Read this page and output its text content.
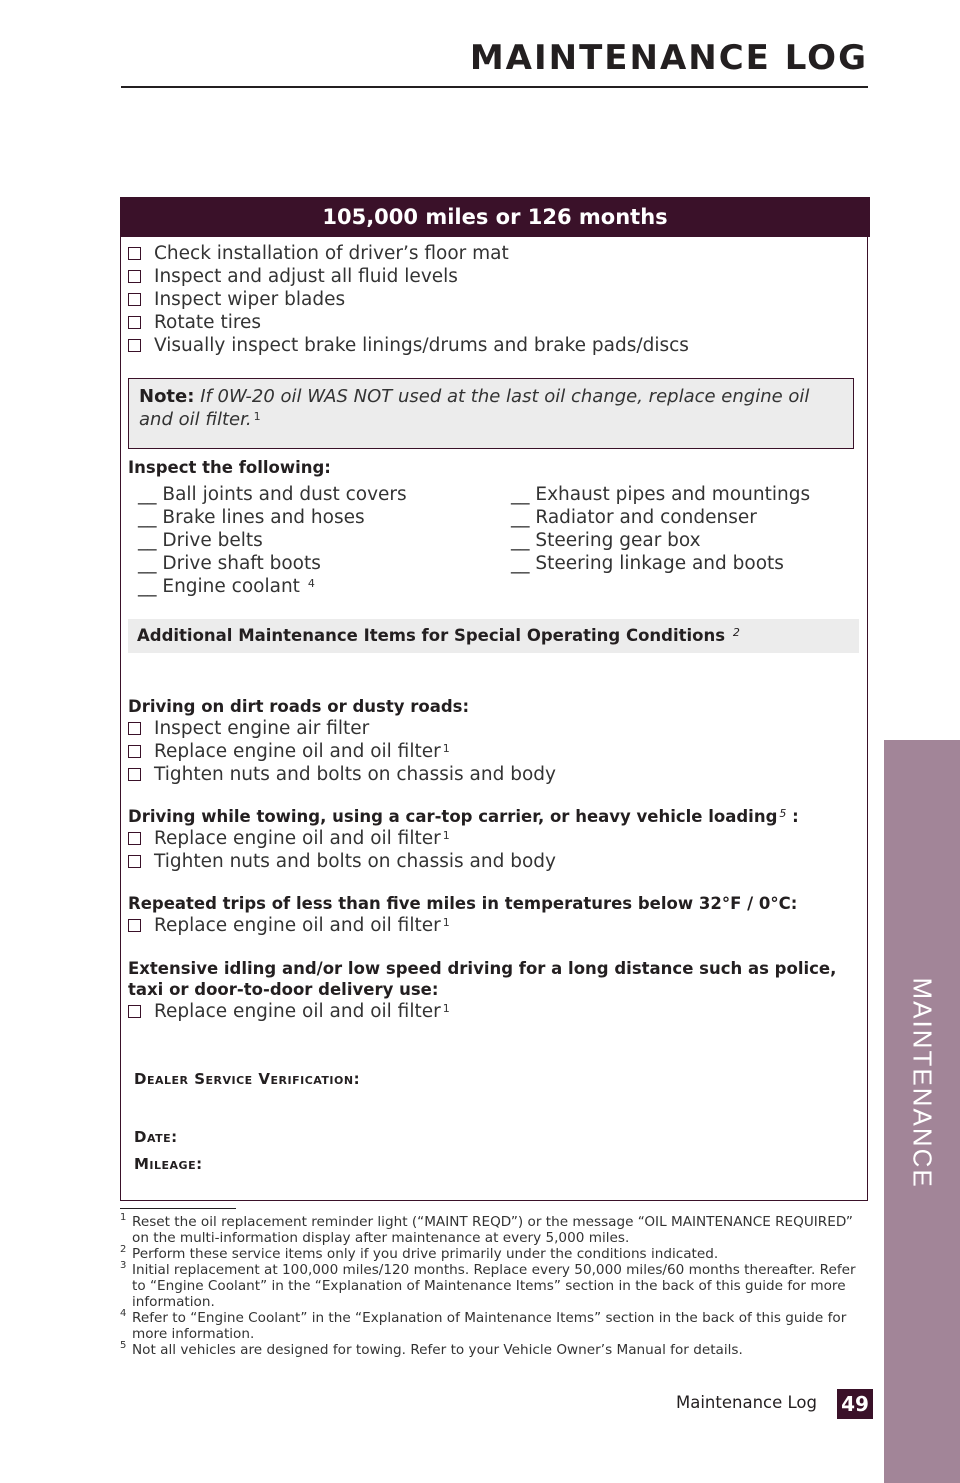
MAINTENANCE LOG
105,000 miles or 126 months
Check installation of driver’s floor mat
Inspect and adjust all fluid levels
Inspect wiper blades
Rotate tires
Visually inspect brake linings/drums and brake pads/discs
Note: If 0W-20 oil WAS NOT used at the last oil change, replace engine oil and oil filter. $^1$
Inspect the following:
__ Ball joints and dust covers
__ Brake lines and hoses
__ Drive belts
__ Drive shaft boots
__ Engine coolant $^4$
__ Exhaust pipes and mountings
__ Radiator and condenser
__ Steering gear box
__ Steering linkage and boots
Additional Maintenance Items for Special Operating Conditions $^2$
Driving on dirt roads or dusty roads:
Inspect engine air filter
Replace engine oil and oil filter$^1$
Tighten nuts and bolts on chassis and body
Driving while towing, using a car-top carrier, or heavy vehicle loading $^5$ :
Replace engine oil and oil filter$^1$
Tighten nuts and bolts on chassis and body
Repeated trips of less than five miles in temperatures below 32°F / 0°C:
Replace engine oil and oil filter$^1$
Extensive idling and/or low speed driving for a long distance such as police, taxi or door-to-door delivery use:
Replace engine oil and oil filter$^1$
Dealer Service Verification:
Date:
Mileage:
1 Reset the oil replacement reminder light (“MAINT REQD”) or the message “OIL MAINTENANCE REQUIRED” on the multi-information display after maintenance at every 5,000 miles.
2 Perform these service items only if you drive primarily under the conditions indicated.
3 Initial replacement at 100,000 miles/120 months. Replace every 50,000 miles/60 months thereafter. Refer to “Engine Coolant” in the “Explanation of Maintenance Items” section in the back of this guide for more information.
4 Refer to “Engine Coolant” in the “Explanation of Maintenance Items” section in the back of this guide for more information.
5 Not all vehicles are designed for towing. Refer to your Vehicle Owner’s Manual for details.
Maintenance Log 49
